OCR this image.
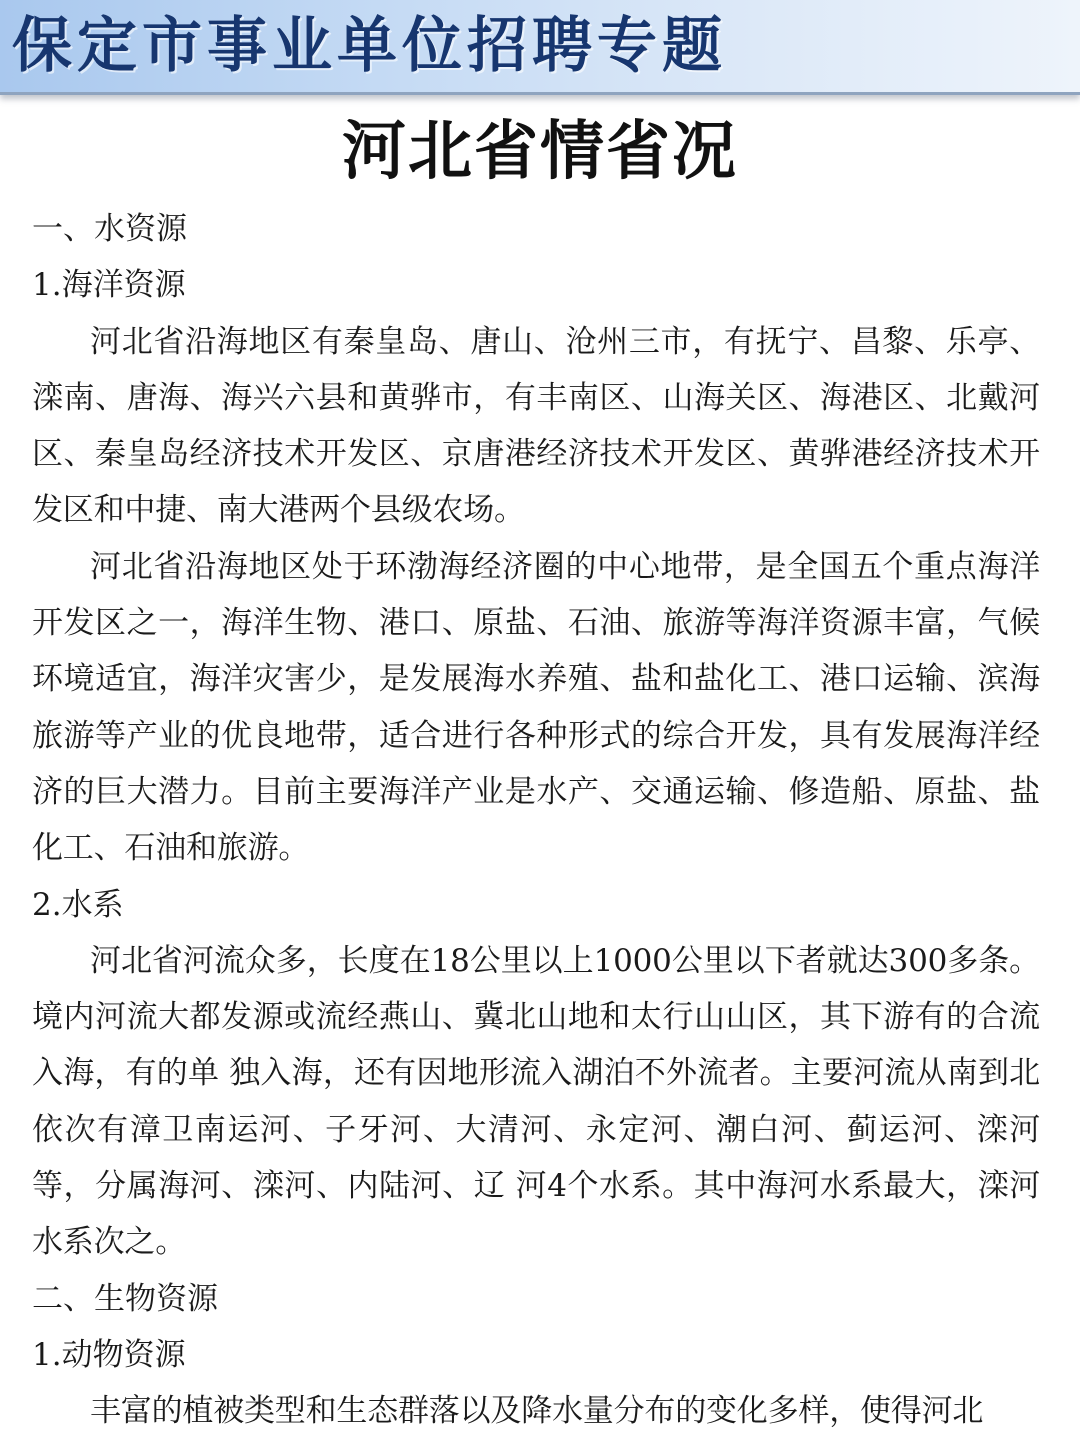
保定市事业单位招聘专题
河北省情省况

一、水资源

1.海洋资源

河北省沿海地区有秦皇岛、唐山、沧州三市，有抚宁、昌黎、乐亭、滦南、唐海、海兴六县和黄骅市，有丰南区、山海关区、海港区、北戴河区、秦皇岛经济技术开发区、京唐港经济技术开发区、黄骅港经济技术开发区和中捷、南大港两个县级农场。

河北省沿海地区处于环渤海经济圈的中心地带，是全国五个重点海洋开发区之一，海洋生物、港口、原盐、石油、旅游等海洋资源丰富，气候环境适宜，海洋灾害少，是发展海水养殖、盐和盐化工、港口运输、滨海旅游等产业的优良地带，适合进行各种形式的综合开发，具有发展海洋经济的巨大潜力。目前主要海洋产业是水产、交通运输、修造船、原盐、盐化工、石油和旅游。

2.水系

河北省河流众多，长度在18公里以上1000公里以下者就达300多条。境内河流大都发源或流经燕山、冀北山地和太行山山区，其下游有的合流入海，有的单 独入海，还有因地形流入湖泊不外流者。主要河流从南到北依次有漳卫南运河、子牙河、大清河、永定河、潮白河、蓟运河、滦河等，分属海河、滦河、内陆河、辽 河4个水系。其中海河水系最大，滦河水系次之。

二、生物资源

1.动物资源

丰富的植被类型和生态群落以及降水量分布的变化多样，使得河北
